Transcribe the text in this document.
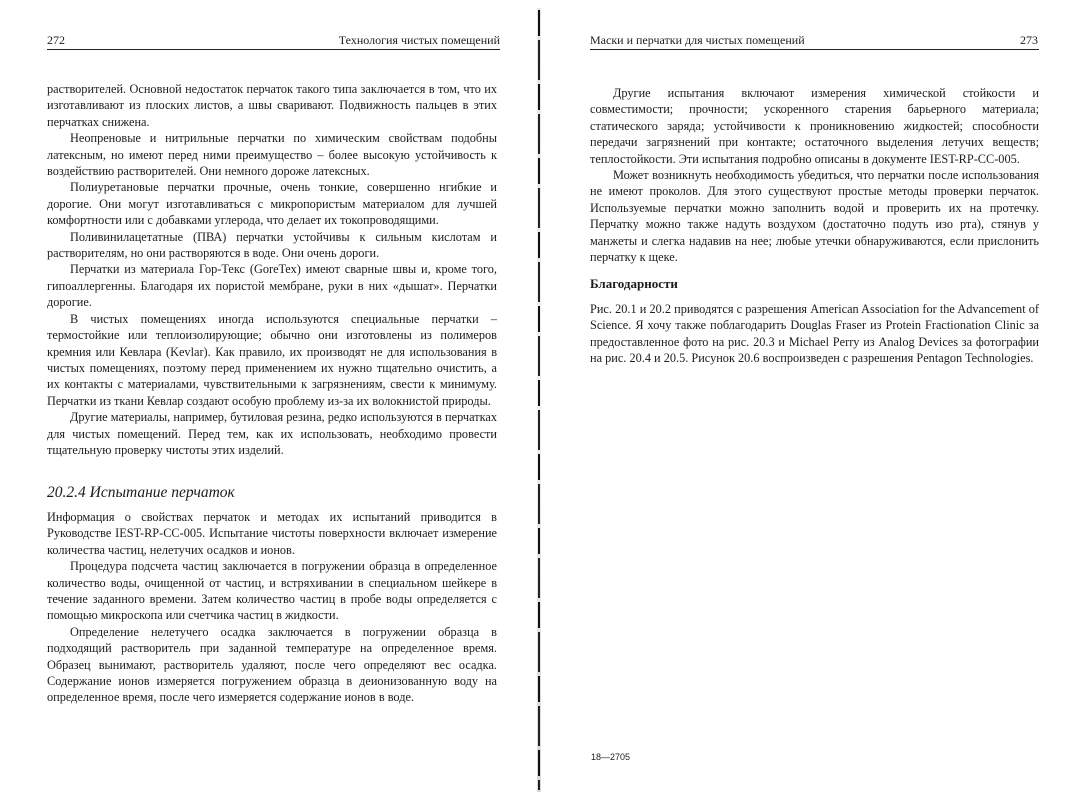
272	Технология чистых помещений

растворителей. Основной недостаток перчаток такого типа заключается в том, что их изготавливают из плоских листов, а швы сваривают. Подвижность пальцев в этих перчатках снижена.

Неопреновые и нитрильные перчатки по химическим свойствам подобны латексным, но имеют перед ними преимущество – более высокую устойчивость к воздействию растворителей. Они немного дороже латексных.

Полиуретановые перчатки прочные, очень тонкие, совершенно нгибкие и дорогие. Они могут изготавливаться с микропористым материалом для лучшей комфортности или с добавками углерода, что делает их токопроводящими.

Поливинилацетатные (ПВА) перчатки устойчивы к сильным кислотам и растворителям, но они растворяются в воде. Они очень дороги.

Перчатки из материала Гор-Текс (GoreTex) имеют сварные швы и, кроме того, гипоаллергенны. Благодаря их пористой мембране, руки в них «дышат». Перчатки дорогие.

В чистых помещениях иногда используются специальные перчатки – термостойкие или теплоизолирующие; обычно они изготовлены из полимеров кремния или Кевлара (Kevlar). Как правило, их производят не для использования в чистых помещениях, поэтому перед применением их нужно тщательно очистить, а их контакты с материалами, чувствительными к загрязнениям, свести к минимуму. Перчатки из ткани Кевлар создают особую проблему из-за их волокнистой природы.

Другие материалы, например, бутиловая резина, редко используются в перчатках для чистых помещений. Перед тем, как их использовать, необходимо провести тщательную проверку чистоты этих изделий.

20.2.4 Испытание перчаток

Информация о свойствах перчаток и методах их испытаний приводится в Руководстве IEST-RP-CC-005. Испытание чистоты поверхности включает измерение количества частиц, нелетучих осадков и ионов.

Процедура подсчета частиц заключается в погружении образца в определенное количество воды, очищенной от частиц, и встряхивании в специальном шейкере в течение заданного времени. Затем количество частиц в пробе воды определяется с помощью микроскопа или счетчика частиц в жидкости.

Определение нелетучего осадка заключается в погружении образца в подходящий растворитель при заданной температуре на определенное время. Образец вынимают, растворитель удаляют, после чего определяют вес осадка. Содержание ионов измеряется погружением образца в деионизованную воду на определенное время, после чего измеряется содержание ионов в воде.

Маски и перчатки для чистых помещений	273

Другие испытания включают измерения химической стойкости и совместимости; прочности; ускоренного старения барьерного материала; статического заряда; устойчивости к проникновению жидкостей; способности передачи загрязнений при контакте; остаточного выделения летучих веществ; теплостойкости. Эти испытания подробно описаны в документе IEST-RP-CC-005.

Может возникнуть необходимость убедиться, что перчатки после использования не имеют проколов. Для этого существуют простые методы проверки перчаток. Используемые перчатки можно заполнить водой и проверить их на протечку. Перчатку можно также надуть воздухом (достаточно подуть изо рта), стянув у манжеты и слегка надавив на нее; любые утечки обнаруживаются, если прислонить перчатку к щеке.

Благодарности

Рис. 20.1 и 20.2 приводятся с разрешения American Association for the Advancement of Science. Я хочу также поблагодарить Douglas Fraser из Protein Fractionation Clinic за предоставленное фото на рис. 20.3 и Michael Perry из Analog Devices за фотографии на рис. 20.4 и 20.5. Рисунок 20.6 воспроизведен с разрешения Pentagon Technologies.

18—2705
